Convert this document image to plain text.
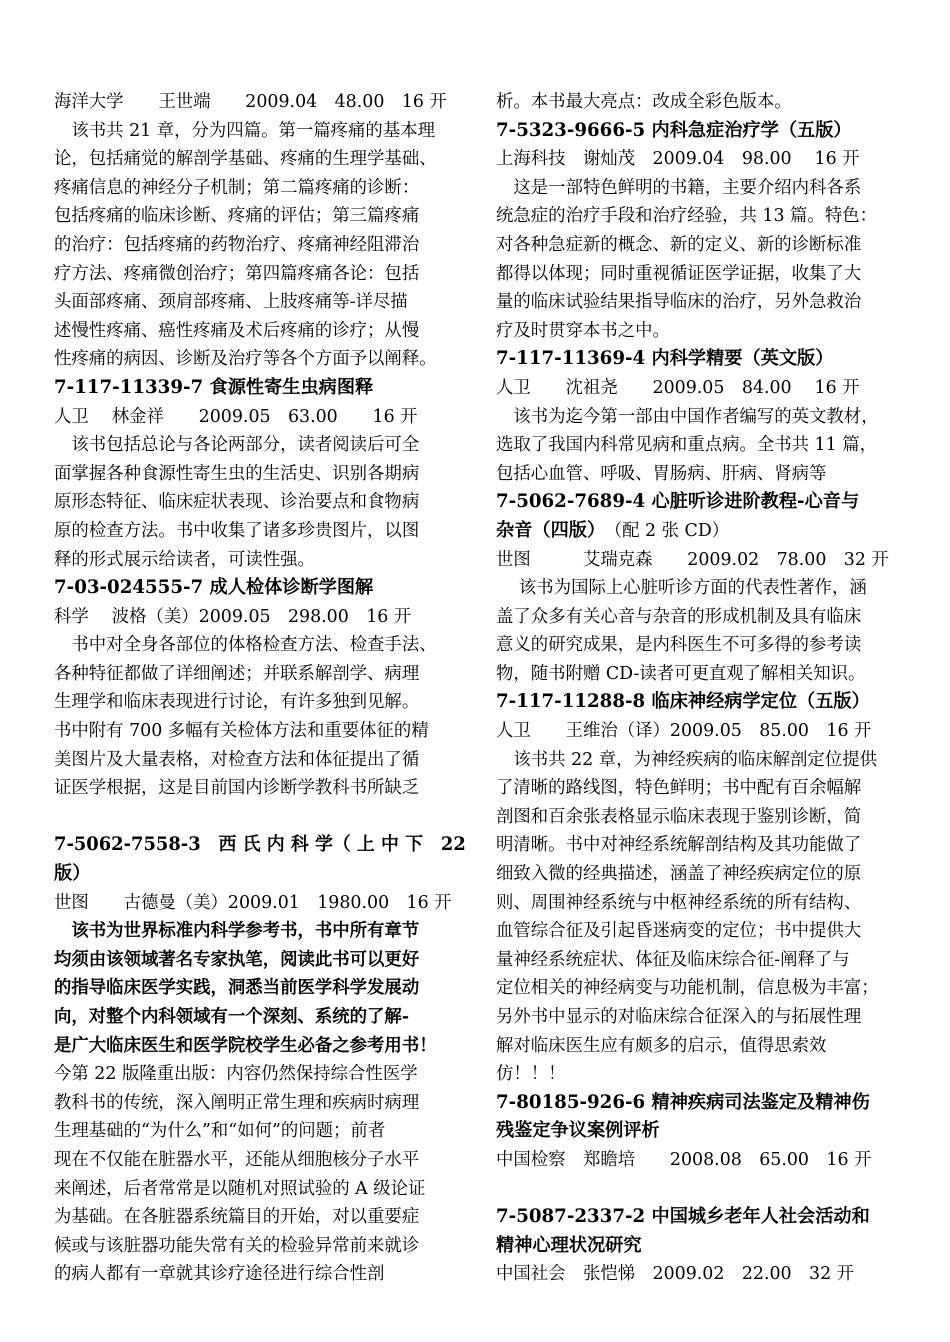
海洋大学　　王世端　　2009.04　48.00　16 开
　该书共 21 章，分为四篇。第一篇疼痛的基本理
论，包括痛觉的解剖学基础、疼痛的生理学基础、
疼痛信息的神经分子机制；第二篇疼痛的诊断：
包括疼痛的临床诊断、疼痛的评估；第三篇疼痛
的治疗：包括疼痛的药物治疗、疼痛神经阻滞治
疗方法、疼痛微创治疗；第四篇疼痛各论：包括
头面部疼痛、颈肩部疼痛、上肢疼痛等-详尽描
述慢性疼痛、癌性疼痛及术后疼痛的诊疗；从慢
性疼痛的病因、诊断及治疗等各个方面予以阐释。
7-117-11339-7 食源性寄生虫病图释
人卫　 林金祥　　2009.05　63.00　　16 开
　该书包括总论与各论两部分，读者阅读后可全
面掌握各种食源性寄生虫的生活史、识别各期病
原形态特征、临床症状表现、诊治要点和食物病
原的检查方法。书中收集了诸多珍贵图片，以图
释的形式展示给读者，可读性强。
7-03-024555-7 成人检体诊断学图解
科学　 波格（美）2009.05　298.00　16 开
　书中对全身各部位的体格检查方法、检查手法、
各种特征都做了详细阐述；并联系解剖学、病理
生理学和临床表现进行讨论，有许多独到见解。
书中附有 700 多幅有关检体方法和重要体征的精
美图片及大量表格，对检查方法和体征提出了循
证医学根据，这是目前国内诊断学教科书所缺乏
7-5062-7558-3　西 氏 内 科 学（ 上 中 下　22
版）
世图　　古德曼（美）2009.01　1980.00　16 开
　该书为世界标准内科学参考书，书中所有章节
均须由该领域著名专家执笔，阅读此书可以更好
的指导临床医学实践，洞悉当前医学科学发展动
向，对整个内科领域有一个深刻、系统的了解-
是广大临床医生和医学院校学生必备之参考用书！
今第 22 版隆重出版：内容仍然保持综合性医学
教科书的传统，深入阐明正常生理和疾病时病理
生理基础的“为什么”和“如何”的问题；前者
现在不仅能在脏器水平，还能从细胞核分子水平
来阐述，后者常常是以随机对照试验的 A 级论证
为基础。在各脏器系统篇目的开始，对以重要症
候或与该脏器功能失常有关的检验异常前来就诊
的病人都有一章就其诊疗途径进行综合性剖
析。本书最大亮点：改成全彩色版本。
7-5323-9666-5 内科急症治疗学（五版）
上海科技　谢灿茂　2009.04　98.00　 16 开
　这是一部特色鲜明的书籍，主要介绍内科各系
统急症的治疗手段和治疗经验，共 13 篇。特色：
对各种急症新的概念、新的定义、新的诊断标准
都得以体现；同时重视循证医学证据，收集了大
量的临床试验结果指导临床的治疗，另外急救治
疗及时贯穿本书之中。
7-117-11369-4 内科学精要（英文版）
人卫　　沈祖尧　　2009.05　84.00　 16 开
　该书为迄今第一部由中国作者编写的英文教材，
选取了我国内科常见病和重点病。全书共 11 篇，
包括心血管、呼吸、胃肠病、肝病、肾病等
7-5062-7689-4 心脏听诊进阶教程-心音与
杂音（四版）　（配 2 张 CD）
世图　　　艾瑞克森　　2009.02　78.00　32 开
　 该书为国际上心脏听诊方面的代表性著作，涵
盖了众多有关心音与杂音的形成机制及具有临床
意义的研究成果，是内科医生不可多得的参考读
物，随书附赠 CD-读者可更直观了解相关知识。
7-117-11288-8 临床神经病学定位（五版）
人卫　　王维治（译）2009.05　85.00　16 开
　该书共 22 章，为神经疾病的临床解剖定位提供
了清晰的路线图，特色鲜明；书中配有百余幅解
剖图和百余张表格显示临床表现于鉴别诊断，简
明清晰。书中对神经系统解剖结构及其功能做了
细致入微的经典描述，涵盖了神经疾病定位的原
则、周围神经系统与中枢神经系统的所有结构、
血管综合征及引起昏迷病变的定位；书中提供大
量神经系统症状、体征及临床综合征-阐释了与
定位相关的神经病变与功能机制，信息极为丰富；
另外书中显示的对临床综合征深入的与拓展性理
解对临床医生应有颇多的启示，值得思索效
仿！！！
7-80185-926-6 精神疾病司法鉴定及精神伤
残鉴定争议案例评析
中国检察　郑瞻培　　2008.08　65.00　16 开
7-5087-2337-2 中国城乡老年人社会活动和
精神心理状况研究
中国社会　张恺悌　2009.02　22.00　32 开
